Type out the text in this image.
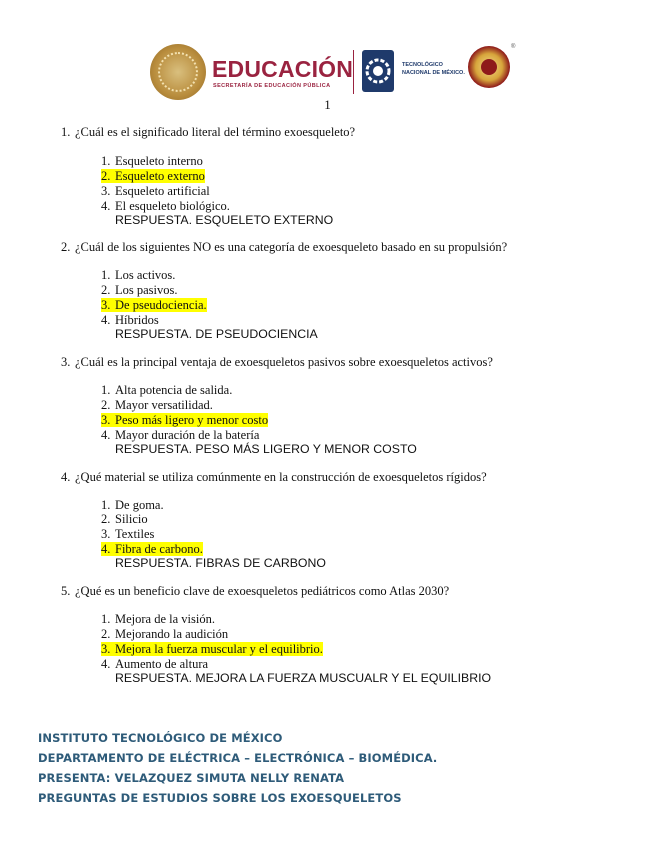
EDUCACIÓN
SECRETARÍA DE EDUCACIÓN PÚBLICA
TECNOLÓGICO
NACIONAL DE MÉXICO.
®
1
1. ¿Cuál es el significado literal del término exoesqueleto?
1. Esqueleto interno
2. Esqueleto externo
3. Esqueleto artificial
4. El esqueleto biológico.
RESPUESTA. ESQUELETO EXTERNO
2. ¿Cuál de los siguientes NO es una categoría de exoesqueleto basado en su propulsión?
1. Los activos.
2. Los pasivos.
3. De pseudociencia.
4. Híbridos
RESPUESTA. DE PSEUDOCIENCIA
3. ¿Cuál es la principal ventaja de exoesqueletos pasivos sobre exoesqueletos activos?
1. Alta potencia de salida.
2. Mayor versatilidad.
3. Peso más ligero y menor costo
4. Mayor duración de la batería
RESPUESTA. PESO MÁS LIGERO Y MENOR COSTO
4. ¿Qué material se utiliza comúnmente en la construcción de exoesqueletos rígidos?
1. De goma.
2. Silicio
3. Textiles
4. Fibra de carbono.
RESPUESTA. FIBRAS DE CARBONO
5. ¿Qué es un beneficio clave de exoesqueletos pediátricos como Atlas 2030?
1. Mejora de la visión.
2. Mejorando la audición
3. Mejora la fuerza muscular y el equilibrio.
4. Aumento de altura
RESPUESTA. MEJORA LA FUERZA MUSCUALR Y EL EQUILIBRIO
INSTITUTO TECNOLÓGICO DE MÉXICO
DEPARTAMENTO DE ELÉCTRICA – ELECTRÓNICA – BIOMÉDICA.
PRESENTA: VELAZQUEZ SIMUTA NELLY RENATA
PREGUNTAS DE ESTUDIOS SOBRE LOS EXOESQUELETOS
